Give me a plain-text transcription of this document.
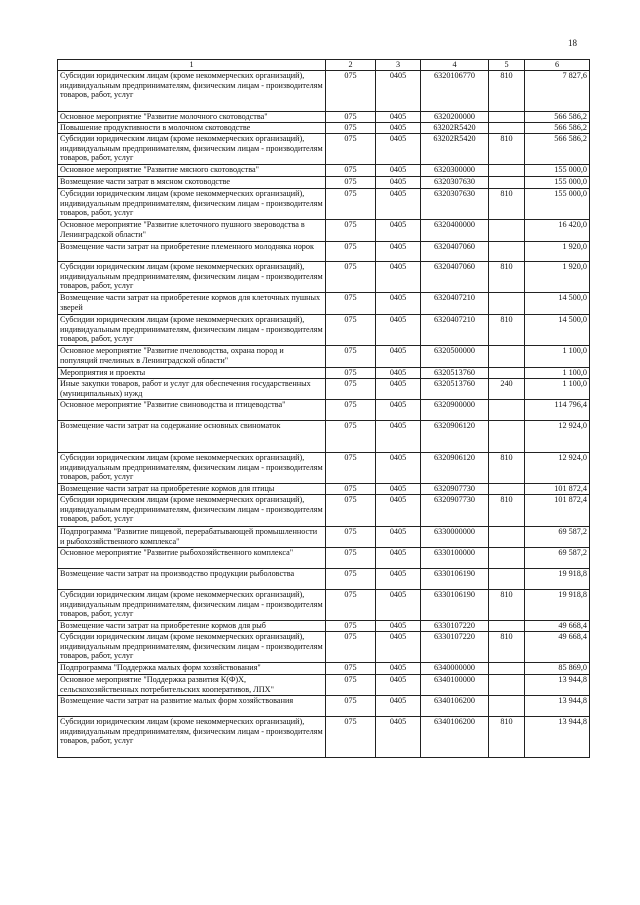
18
1	2	3	4	5	6
Субсидии юридическим лицам (кроме некоммерческих организаций), индивидуальным предпринимателям, физическим лицам - производителям товаров, работ, услуг	075	0405	6320106770	810	7 827,6
Основное мероприятие "Развитие молочного скотоводства"	075	0405	6320200000		566 586,2
Повышение продуктивности в молочном скотоводстве	075	0405	63202R5420		566 586,2
Субсидии юридическим лицам (кроме некоммерческих организаций), индивидуальным предпринимателям, физическим лицам - производителям товаров, работ, услуг	075	0405	63202R5420	810	566 586,2
Основное мероприятие "Развитие мясного скотоводства"	075	0405	6320300000		155 000,0
Возмещение части затрат в мясном скотоводстве	075	0405	6320307630		155 000,0
Субсидии юридическим лицам (кроме некоммерческих организаций), индивидуальным предпринимателям, физическим лицам - производителям товаров, работ, услуг	075	0405	6320307630	810	155 000,0
Основное мероприятие "Развитие клеточного пушного звероводства в Ленинградской области"	075	0405	6320400000		16 420,0
Возмещение части затрат на приобретение племенного молодняка норок	075	0405	6320407060		1 920,0
Субсидии юридическим лицам (кроме некоммерческих организаций), индивидуальным предпринимателям, физическим лицам - производителям товаров, работ, услуг	075	0405	6320407060	810	1 920,0
Возмещение части затрат на приобретение кормов для клеточных пушных зверей	075	0405	6320407210		14 500,0
Субсидии юридическим лицам (кроме некоммерческих организаций), индивидуальным предпринимателям, физическим лицам - производителям товаров, работ, услуг	075	0405	6320407210	810	14 500,0
Основное мероприятие "Развитие пчеловодства, охрана пород и популяций пчелиных в Ленинградской области"	075	0405	6320500000		1 100,0
Мероприятия и проекты	075	0405	6320513760		1 100,0
Иные закупки товаров, работ и услуг для обеспечения государственных (муниципальных) нужд	075	0405	6320513760	240	1 100,0
Основное мероприятие "Развитие свиноводства и птицеводства"	075	0405	6320900000		114 796,4
Возмещение части затрат на содержание основных свиноматок	075	0405	6320906120		12 924,0
Субсидии юридическим лицам (кроме некоммерческих организаций), индивидуальным предпринимателям, физическим лицам - производителям товаров, работ, услуг	075	0405	6320906120	810	12 924,0
Возмещение части затрат на приобретение кормов для птицы	075	0405	6320907730		101 872,4
Субсидии юридическим лицам (кроме некоммерческих организаций), индивидуальным предпринимателям, физическим лицам - производителям товаров, работ, услуг	075	0405	6320907730	810	101 872,4
Подпрограмма "Развитие пищевой, перерабатывающей промышленности и рыбохозяйственного комплекса"	075	0405	6330000000		69 587,2
Основное мероприятие "Развитие рыбохозяйственного комплекса"	075	0405	6330100000		69 587,2
Возмещение части затрат на производство продукции рыболовства	075	0405	6330106190		19 918,8
Субсидии юридическим лицам (кроме некоммерческих организаций), индивидуальным предпринимателям, физическим лицам - производителям товаров, работ, услуг	075	0405	6330106190	810	19 918,8
Возмещение части затрат на приобретение кормов для рыб	075	0405	6330107220		49 668,4
Субсидии юридическим лицам (кроме некоммерческих организаций), индивидуальным предпринимателям, физическим лицам - производителям товаров, работ, услуг	075	0405	6330107220	810	49 668,4
Подпрограмма "Поддержка малых форм хозяйствования"	075	0405	6340000000		85 869,0
Основное мероприятие "Поддержка развития К(Ф)Х, сельскохозяйственных потребительских кооперативов, ЛПХ"	075	0405	6340100000		13 944,8
Возмещение части затрат на развитие малых форм хозяйствования	075	0405	6340106200		13 944,8
Субсидии юридическим лицам (кроме некоммерческих организаций), индивидуальным предпринимателям, физическим лицам - производителям товаров, работ, услуг	075	0405	6340106200	810	13 944,8
